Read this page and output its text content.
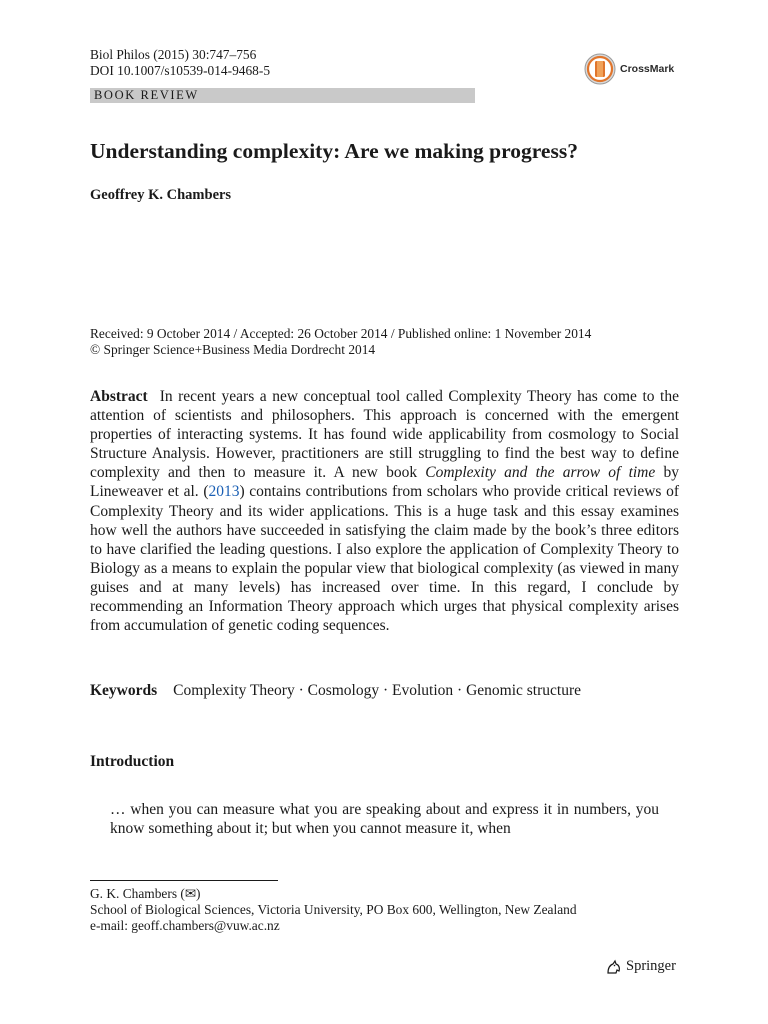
Biol Philos (2015) 30:747–756
DOI 10.1007/s10539-014-9468-5	CrossMark
BOOK REVIEW
Understanding complexity: Are we making progress?
Geoffrey K. Chambers
Received: 9 October 2014 / Accepted: 26 October 2014 / Published online: 1 November 2014
© Springer Science+Business Media Dordrecht 2014
Abstract In recent years a new conceptual tool called Complexity Theory has come to the attention of scientists and philosophers. This approach is concerned with the emergent properties of interacting systems. It has found wide applicability from cosmology to Social Structure Analysis. However, practitioners are still struggling to find the best way to define complexity and then to measure it. A new book Complexity and the arrow of time by Lineweaver et al. (2013) contains contributions from scholars who provide critical reviews of Complexity Theory and its wider applications. This is a huge task and this essay examines how well the authors have succeeded in satisfying the claim made by the book’s three editors to have clarified the leading questions. I also explore the application of Complexity Theory to Biology as a means to explain the popular view that biological complexity (as viewed in many guises and at many levels) has increased over time. In this regard, I conclude by recommending an Information Theory approach which urges that physical complexity arises from accumulation of genetic coding sequences.
Keywords Complexity Theory · Cosmology · Evolution · Genomic structure
Introduction
… when you can measure what you are speaking about and express it in numbers, you know something about it; but when you cannot measure it, when
G. K. Chambers (✉)
School of Biological Sciences, Victoria University, PO Box 600, Wellington, New Zealand
e-mail: geoff.chambers@vuw.ac.nz
Springer
